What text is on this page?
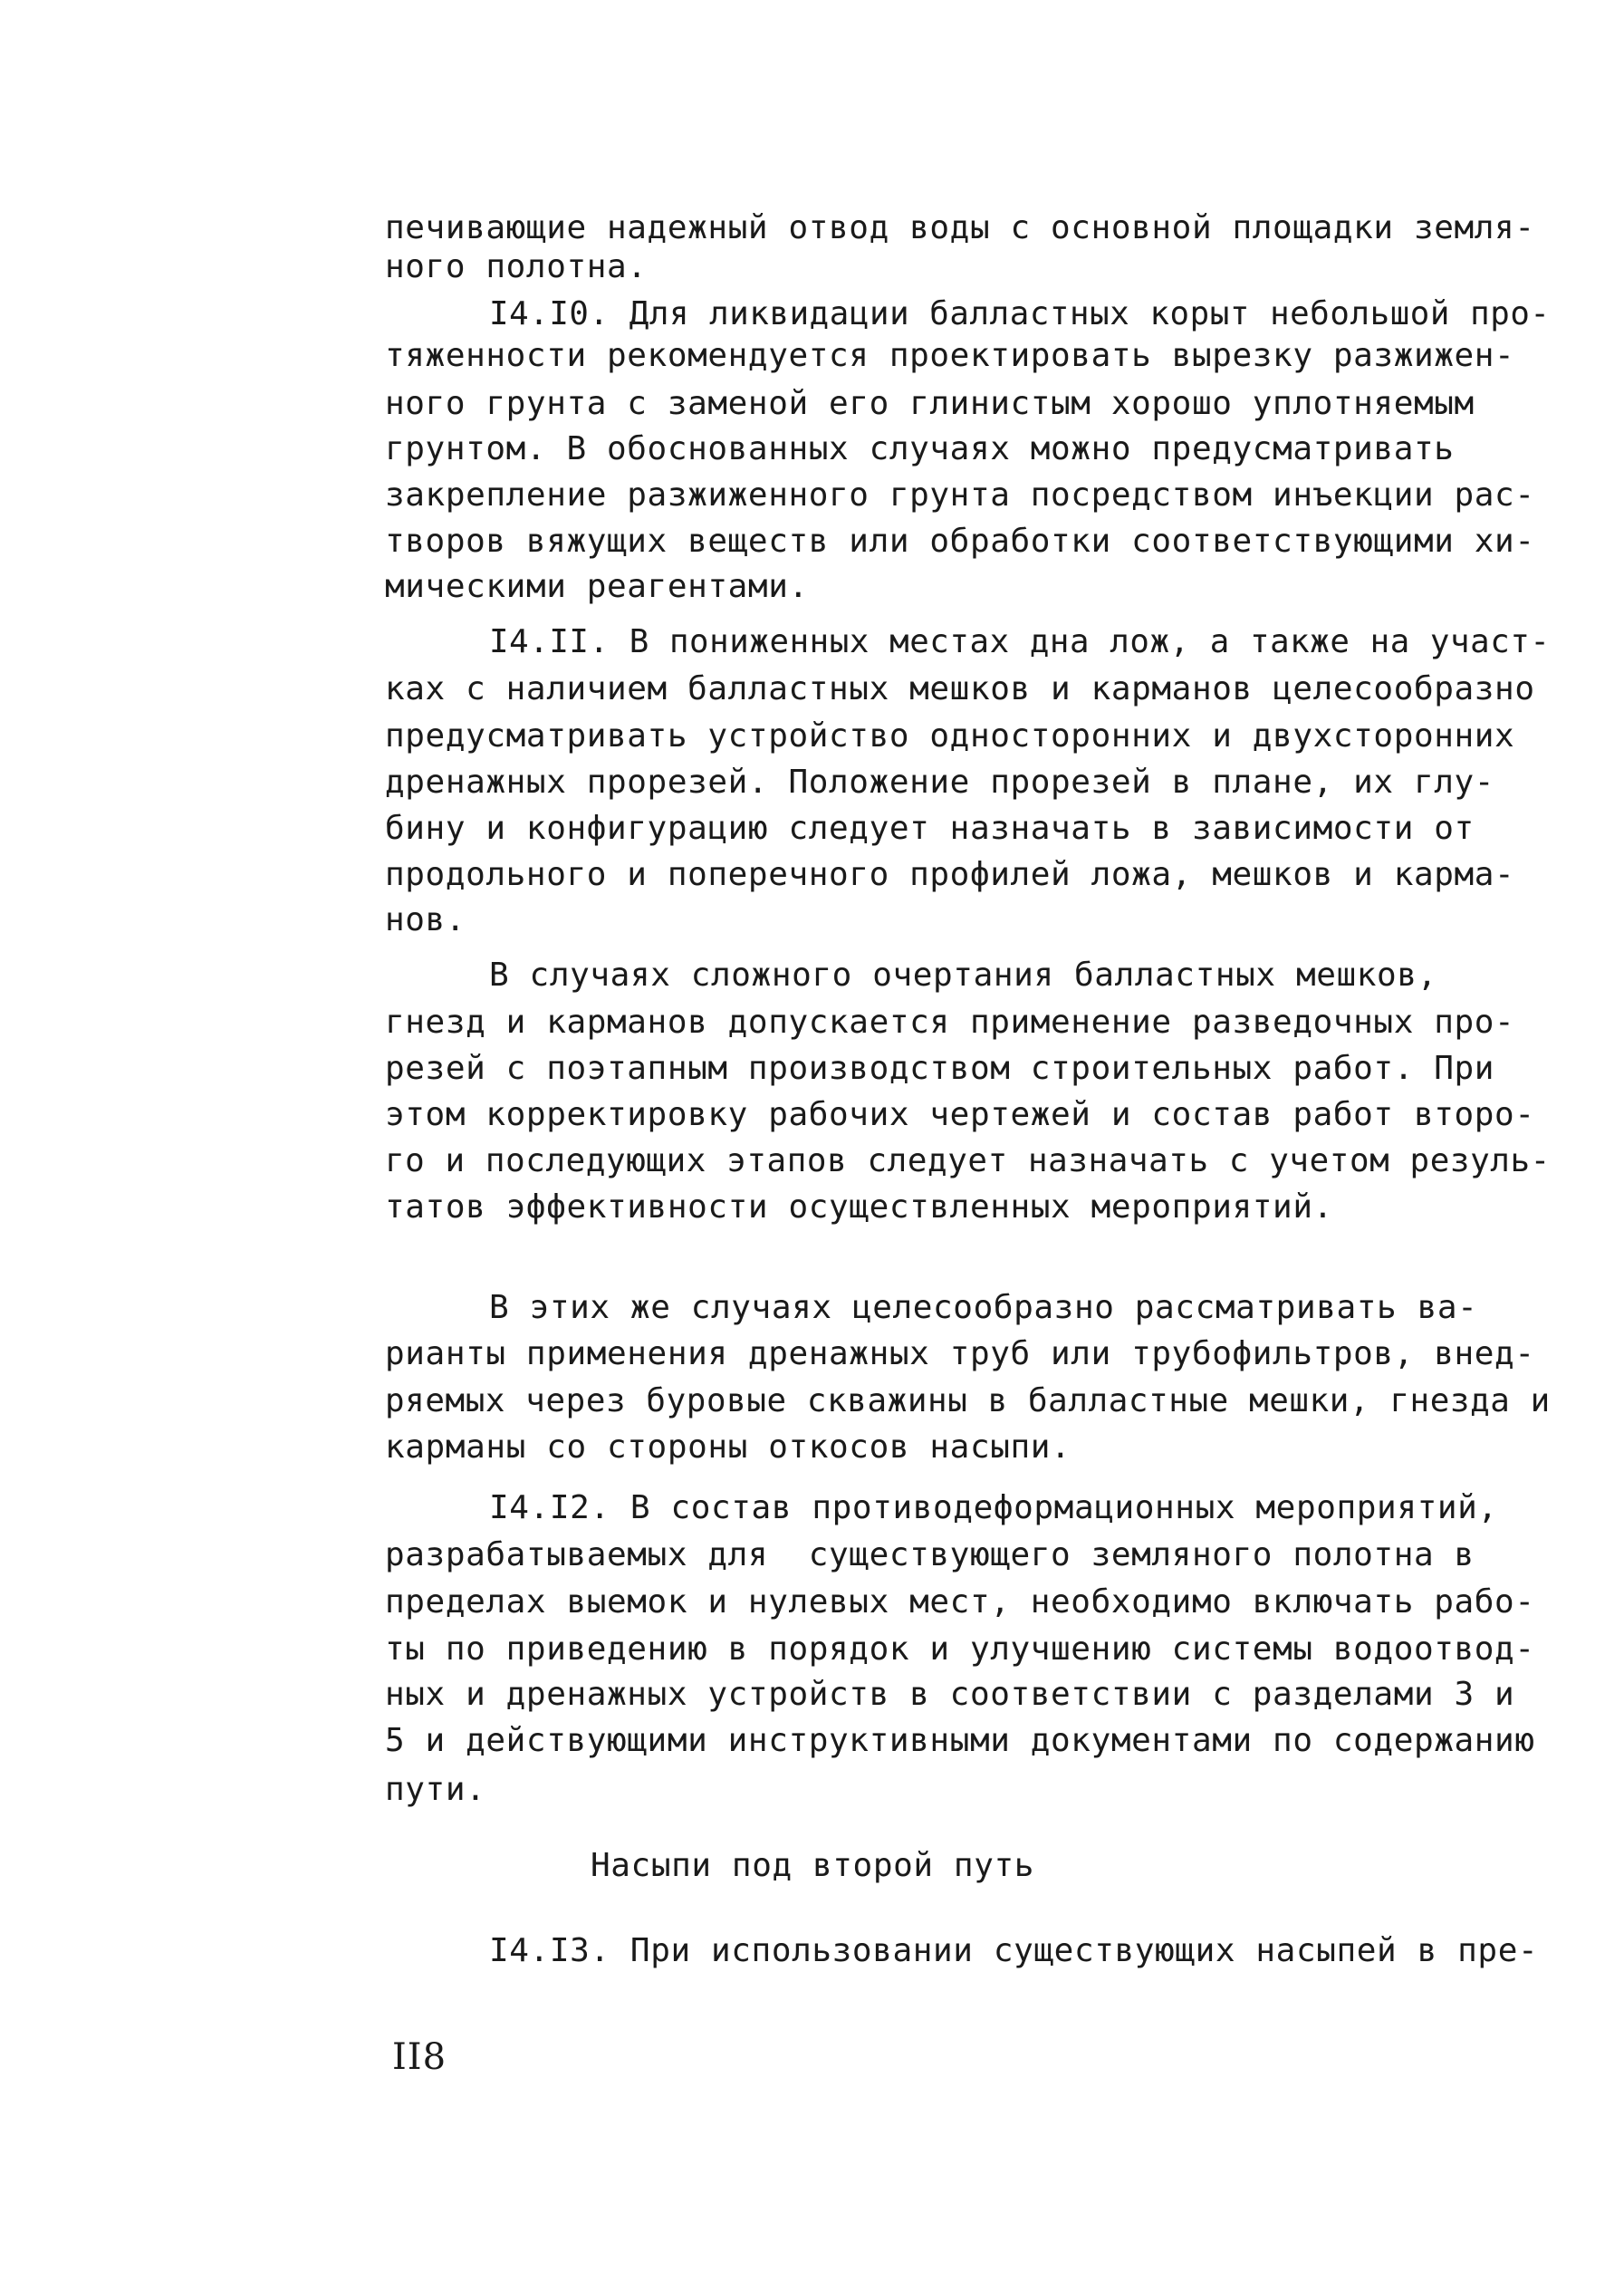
печивающие надежный отвод воды с основной площадки земля-
ного полотна.
I4.I0. Для ликвидации балластных корыт небольшой про-
тяженности рекомендуется проектировать вырезку разжижен-
ного грунта с заменой его глинистым хорошо уплотняемым
грунтом. В обоснованных случаях можно предусматривать
закрепление разжиженного грунта посредством инъекции рас-
творов вяжущих веществ или обработки соответствующими хи-
мическими реагентами.
I4.II. В пониженных местах дна лож, а также на участ-
ках с наличием балластных мешков и карманов целесообразно
предусматривать устройство односторонних и двухсторонних
дренажных прорезей. Положение прорезей в плане, их глу-
бину и конфигурацию следует назначать в зависимости от
продольного и поперечного профилей ложа, мешков и карма-
нов.
В случаях сложного очертания балластных мешков,
гнезд и карманов допускается применение разведочных про-
резей с поэтапным производством строительных работ. При
этом корректировку рабочих чертежей и состав работ второ-
го и последующих этапов следует назначать с учетом резуль-
татов эффективности осуществленных мероприятий.
В этих же случаях целесообразно рассматривать ва-
рианты применения дренажных труб или трубофильтров, внед-
ряемых через буровые скважины в балластные мешки, гнезда и
карманы со стороны откосов насыпи.
I4.I2. В состав противодеформационных мероприятий,
разрабатываемых для  существующего земляного полотна в
пределах выемок и нулевых мест, необходимо включать рабо-
ты по приведению в порядок и улучшению системы водоотвод-
ных и дренажных устройств в соответствии с разделами 3 и
5 и действующими инструктивными документами по содержанию
пути.
Насыпи под второй путь
I4.I3. При использовании существующих насыпей в пре-
II8
